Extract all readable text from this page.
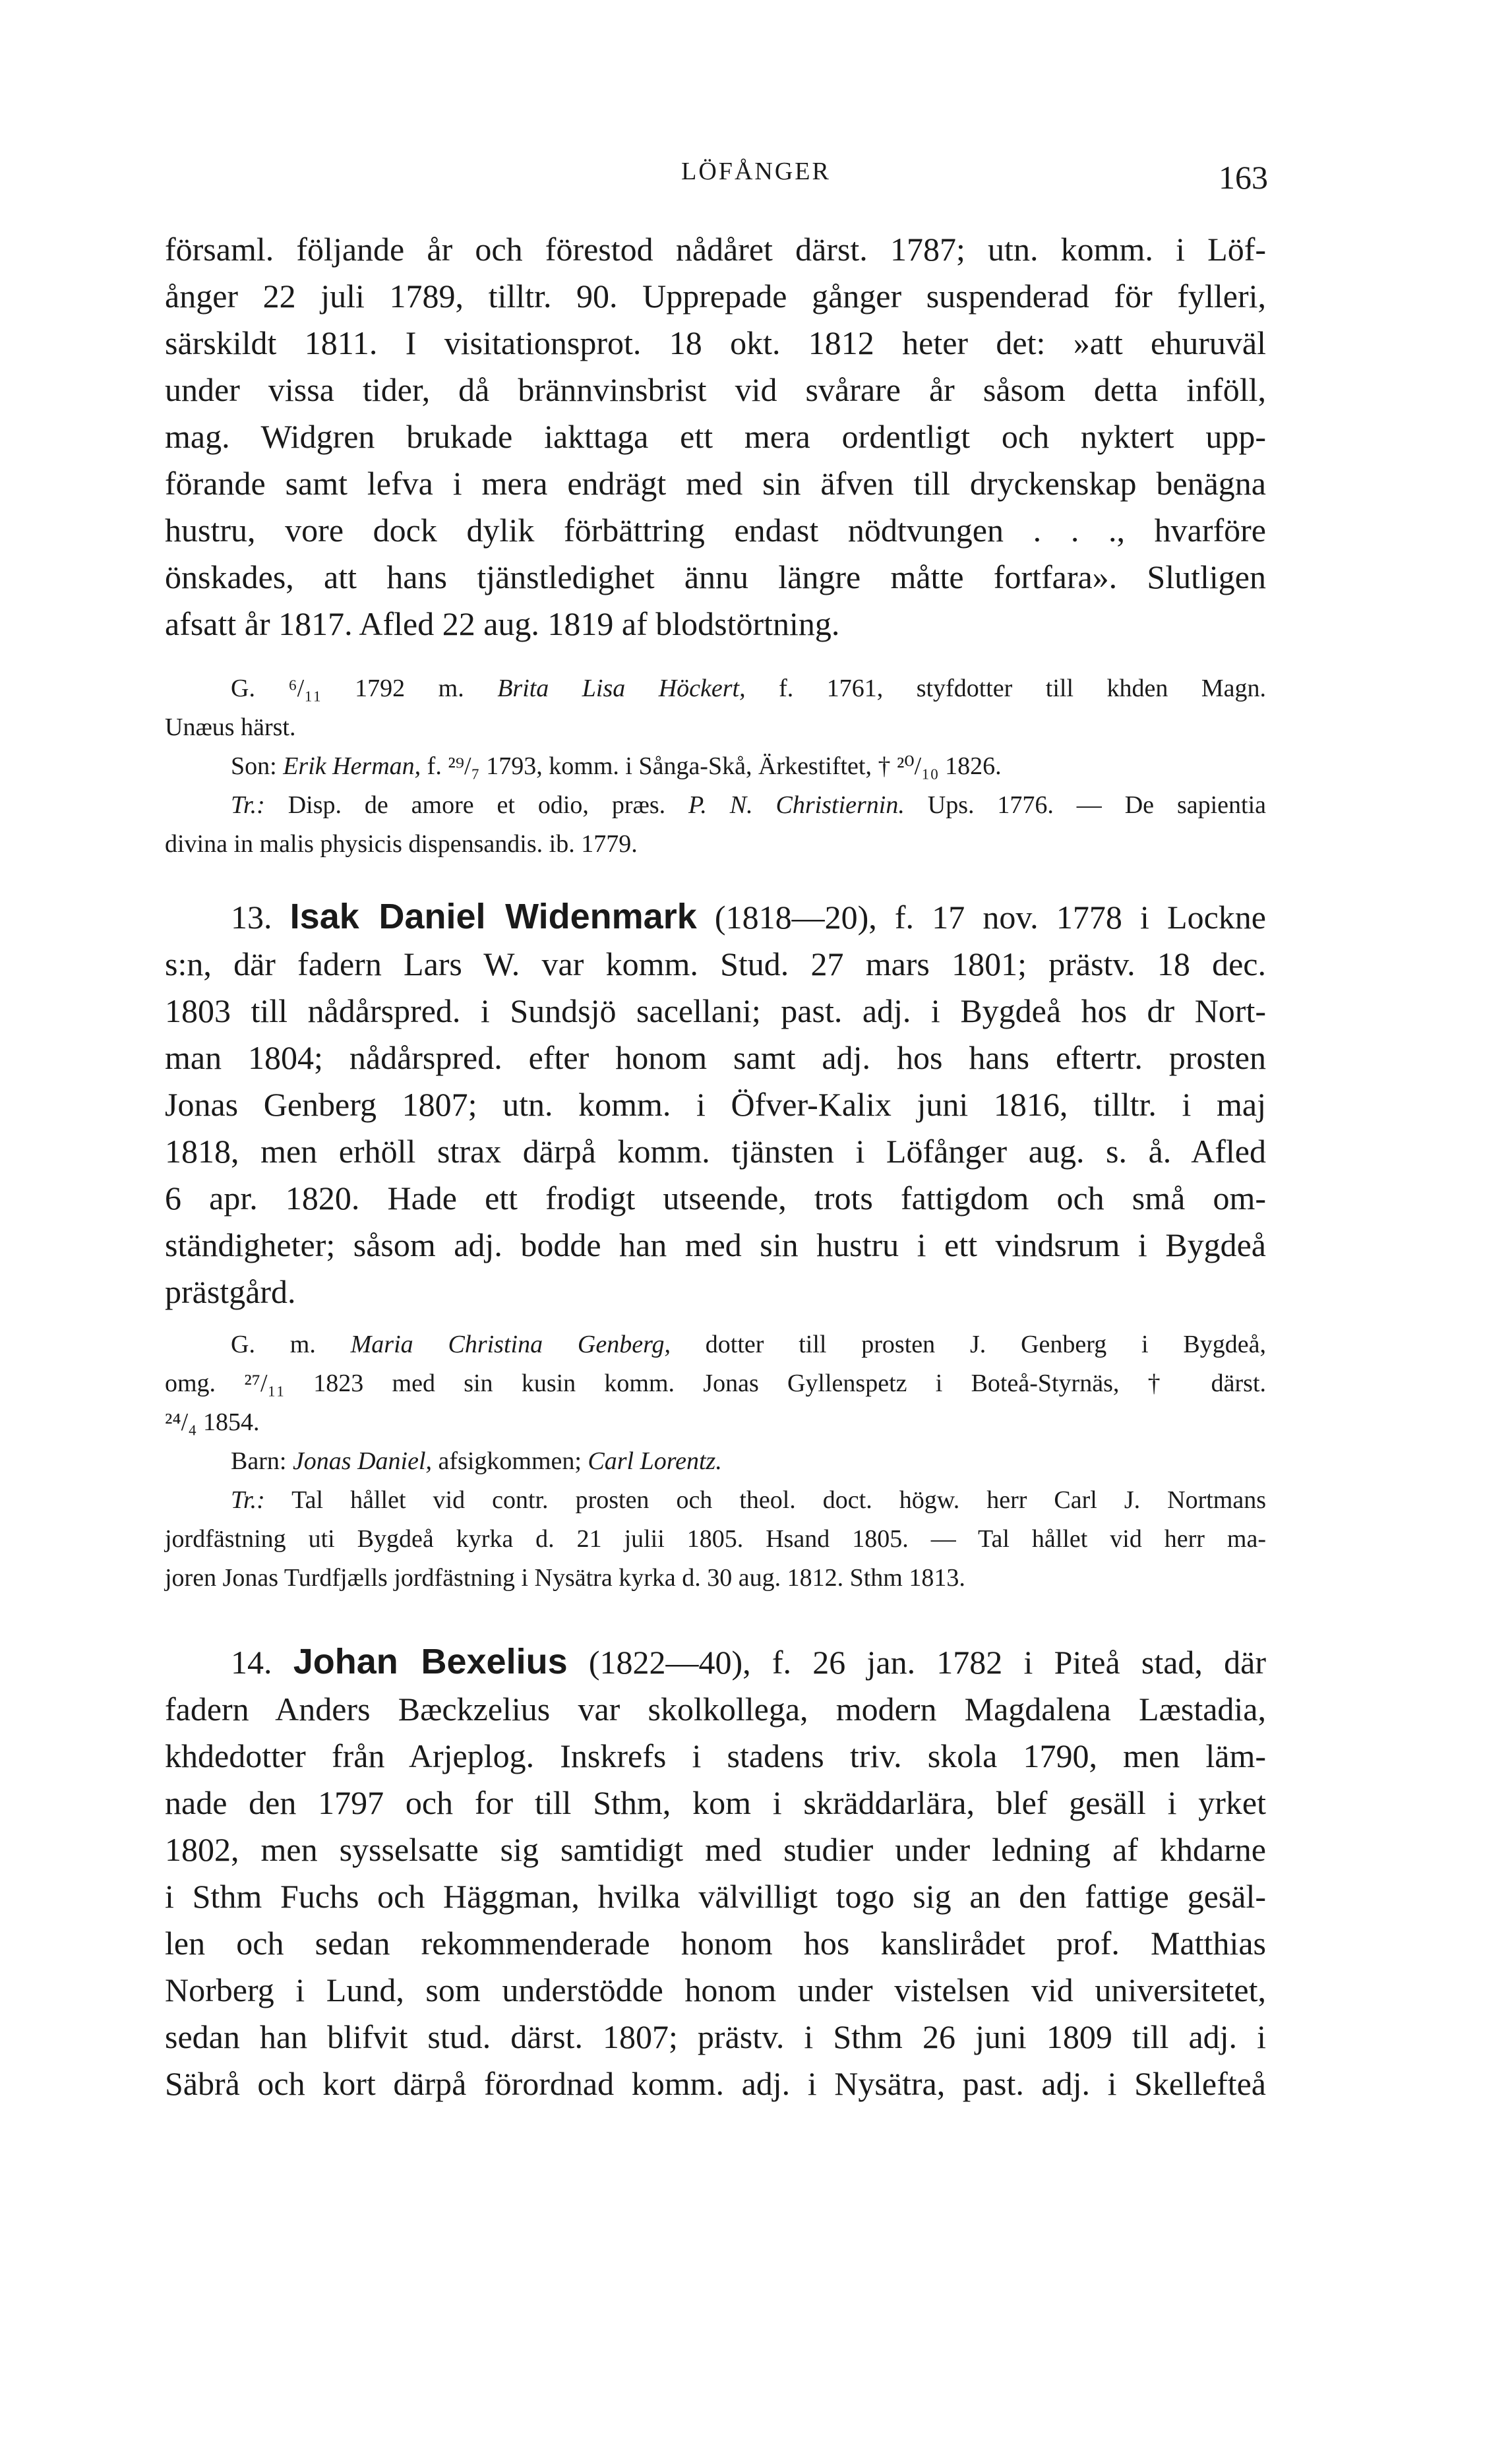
LÖFÅNGER	163
församl. följande år och förestod nådåret därst. 1787; utn. komm. i Löf-
ånger 22 juli 1789, tilltr. 90. Upprepade gånger suspenderad för fylleri,
särskildt 1811. I visitationsprot. 18 okt. 1812 heter det: »att ehuruväl
under vissa tider, då brännvinsbrist vid svårare år såsom detta inföll,
mag. Widgren brukade iakttaga ett mera ordentligt och nyktert upp-
förande samt lefva i mera endrägt med sin äfven till dryckenskap benägna
hustru, vore dock dylik förbättring endast nödtvungen . . ., hvarföre
önskades, att hans tjänstledighet ännu längre måtte fortfara». Slutligen
afsatt år 1817. Afled 22 aug. 1819 af blodstörtning.
G. ⁶/₁₁ 1792 m. Brita Lisa Höckert, f. 1761, styfdotter till khden Magn.
Unæus härst.
Son: Erik Herman, f. ²⁹/₇ 1793, komm. i Sånga-Skå, Ärkestiftet, † ²⁰/₁₀ 1826.
Tr.: Disp. de amore et odio, præs. P. N. Christiernin. Ups. 1776. — De sapientia
divina in malis physicis dispensandis. ib. 1779.
13. Isak Daniel Widenmark (1818—20), f. 17 nov. 1778 i Lockne
s:n, där fadern Lars W. var komm. Stud. 27 mars 1801; prästv. 18 dec.
1803 till nådårspred. i Sundsjö sacellani; past. adj. i Bygdeå hos dr Nort-
man 1804; nådårspred. efter honom samt adj. hos hans eftertr. prosten
Jonas Genberg 1807; utn. komm. i Öfver-Kalix juni 1816, tilltr. i maj
1818, men erhöll strax därpå komm. tjänsten i Löfånger aug. s. å. Afled
6 apr. 1820. Hade ett frodigt utseende, trots fattigdom och små om-
ständigheter; såsom adj. bodde han med sin hustru i ett vindsrum i Bygdeå
prästgård.
G. m. Maria Christina Genberg, dotter till prosten J. Genberg i Bygdeå,
omg. ²⁷/₁₁ 1823 med sin kusin komm. Jonas Gyllenspetz i Boteå-Styrnäs, † därst.
²⁴/₄ 1854.
Barn: Jonas Daniel, afsigkommen; Carl Lorentz.
Tr.: Tal hållet vid contr. prosten och theol. doct. högw. herr Carl J. Nortmans
jordfästning uti Bygdeå kyrka d. 21 julii 1805. Hsand 1805. — Tal hållet vid herr ma-
joren Jonas Turdfjælls jordfästning i Nysätra kyrka d. 30 aug. 1812. Sthm 1813.
14. Johan Bexelius (1822—40), f. 26 jan. 1782 i Piteå stad, där
fadern Anders Bæckzelius var skolkollega, modern Magdalena Læstadia,
khdedotter från Arjeplog. Inskrefs i stadens triv. skola 1790, men läm-
nade den 1797 och for till Sthm, kom i skräddarlära, blef gesäll i yrket
1802, men sysselsatte sig samtidigt med studier under ledning af khdarne
i Sthm Fuchs och Häggman, hvilka välvilligt togo sig an den fattige gesäl-
len och sedan rekommenderade honom hos kanslirådet prof. Matthias
Norberg i Lund, som understödde honom under vistelsen vid universitetet,
sedan han blifvit stud. därst. 1807; prästv. i Sthm 26 juni 1809 till adj. i
Säbrå och kort därpå förordnad komm. adj. i Nysätra, past. adj. i Skellefteå
